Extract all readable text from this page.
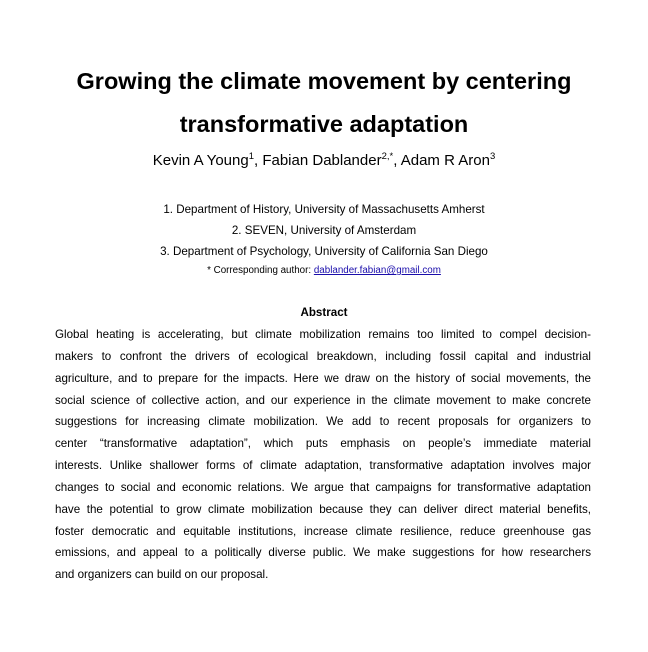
Growing the climate movement by centering
transformative adaptation
Kevin A Young$^1$, Fabian Dablander$^{2,*}$, Adam R Aron$^3$
1. Department of History, University of Massachusetts Amherst
2. SEVEN, University of Amsterdam
3. Department of Psychology, University of California San Diego
* Corresponding author: dablander.fabian@gmail.com
Abstract
Global heating is accelerating, but climate mobilization remains too limited to compel decision-
makers to confront the drivers of ecological breakdown, including fossil capital and industrial
agriculture, and to prepare for the impacts. Here we draw on the history of social movements, the
social science of collective action, and our experience in the climate movement to make concrete
suggestions for increasing climate mobilization. We add to recent proposals for organizers to
center “transformative adaptation”, which puts emphasis on people’s immediate material
interests. Unlike shallower forms of climate adaptation, transformative adaptation involves major
changes to social and economic relations. We argue that campaigns for transformative adaptation
have the potential to grow climate mobilization because they can deliver direct material benefits,
foster democratic and equitable institutions, increase climate resilience, reduce greenhouse gas
emissions, and appeal to a politically diverse public. We make suggestions for how researchers
and organizers can build on our proposal.
